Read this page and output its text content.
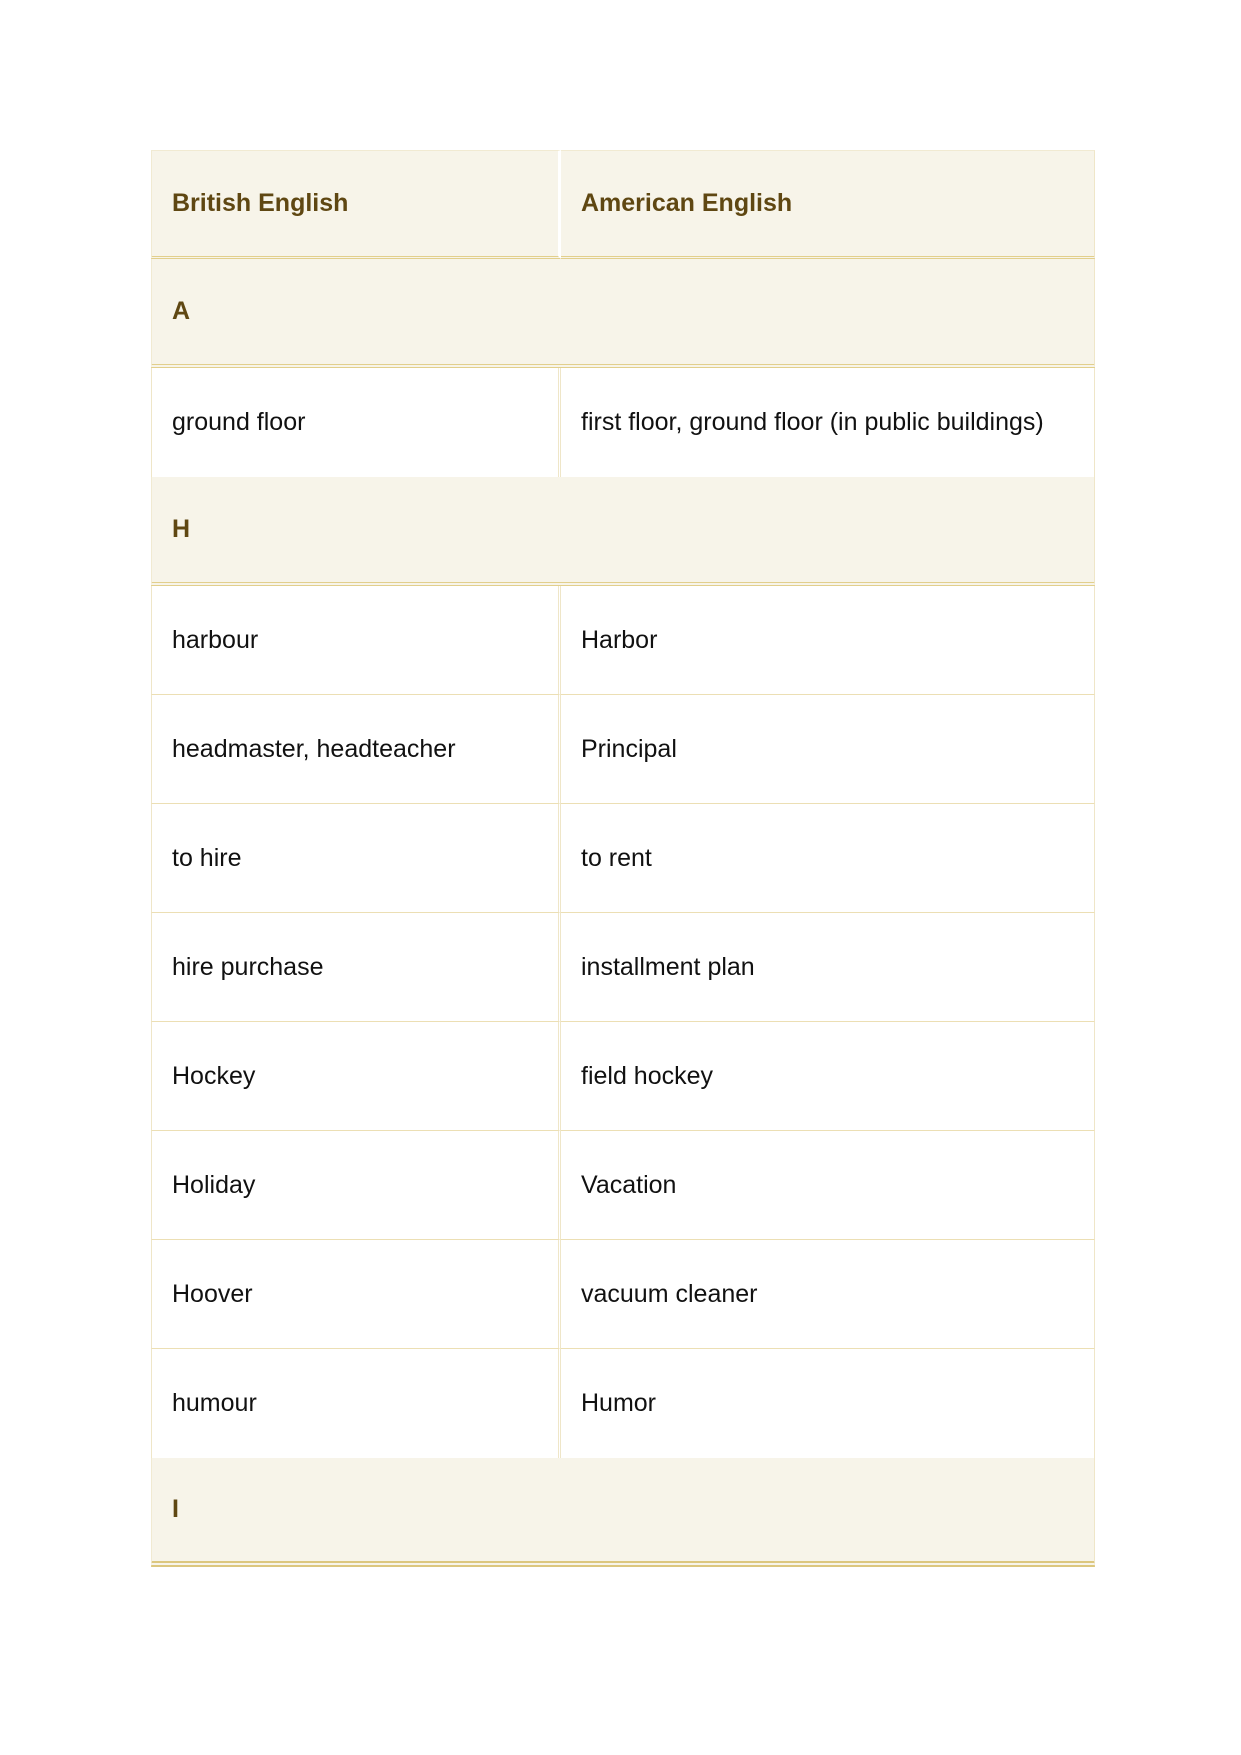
British English	American English
A	
ground floor	first floor, ground floor (in public buildings)
H	
harbour	Harbor
headmaster, headteacher	Principal
to hire	to rent
hire purchase	installment plan
Hockey	field hockey
Holiday	Vacation
Hoover	vacuum cleaner
humour	Humor
I	
